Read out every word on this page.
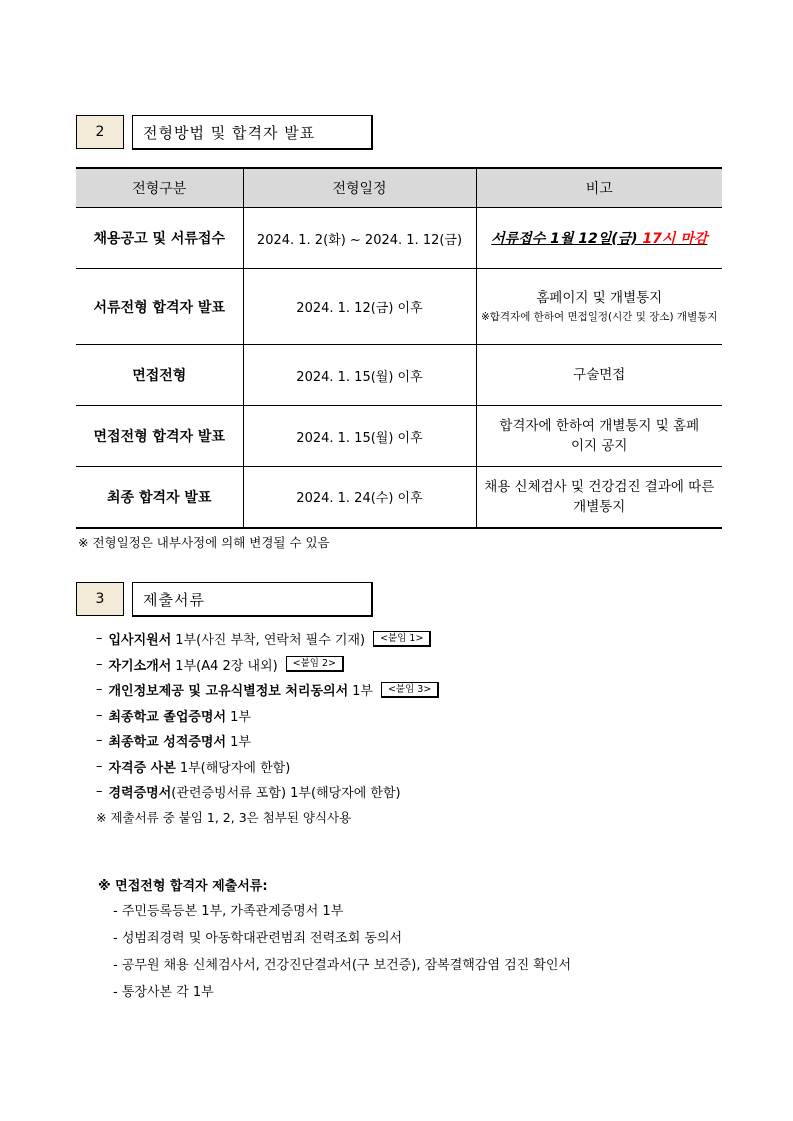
2	전형방법 및 합격자 발표
전형구분	전형일정	비고
채용공고 및 서류접수	2024. 1. 2(화) ~ 2024. 1. 12(금)	서류접수 1월 12일(금) 17시 마감
서류전형 합격자 발표	2024. 1. 12(금) 이후	홈페이지 및 개별통지
※합격자에 한하여 면접일정(시간 및 장소) 개별통지

면접전형	2024. 1. 15(월) 이후	구술면접
면접전형 합격자 발표	2024. 1. 15(월) 이후	합격자에 한하여 개별통지 및 홈페이지 공지
최종 합격자 발표	2024. 1. 24(수) 이후	채용 신체검사 및 건강검진 결과에 따른 개별통지
※ 전형일정은 내부사정에 의해 변경될 수 있음
3	제출서류
– 입사지원서 1부(사진 부착, 연락처 필수 기재)	<붙임 1>
– 자기소개서 1부(A4 2장 내외)	<붙임 2>
– 개인정보제공 및 고유식별정보 처리동의서 1부	<붙임 3>
– 최종학교 졸업증명서 1부
– 최종학교 성적증명서 1부
– 자격증 사본 1부(해당자에 한함)
– 경력증명서 (관련증빙서류 포함) 1부(해당자에 한함)
※ 제출서류 중 붙임 1, 2, 3은 첨부된 양식사용
※ 면접전형 합격자 제출서류:
- 주민등록등본 1부, 가족관계증명서 1부
- 성범죄경력 및 아동학대관련범죄 전력조회 동의서
- 공무원 채용 신체검사서, 건강진단결과서(구 보건증), 잠복결핵감염 검진 확인서
- 통장사본 각 1부
